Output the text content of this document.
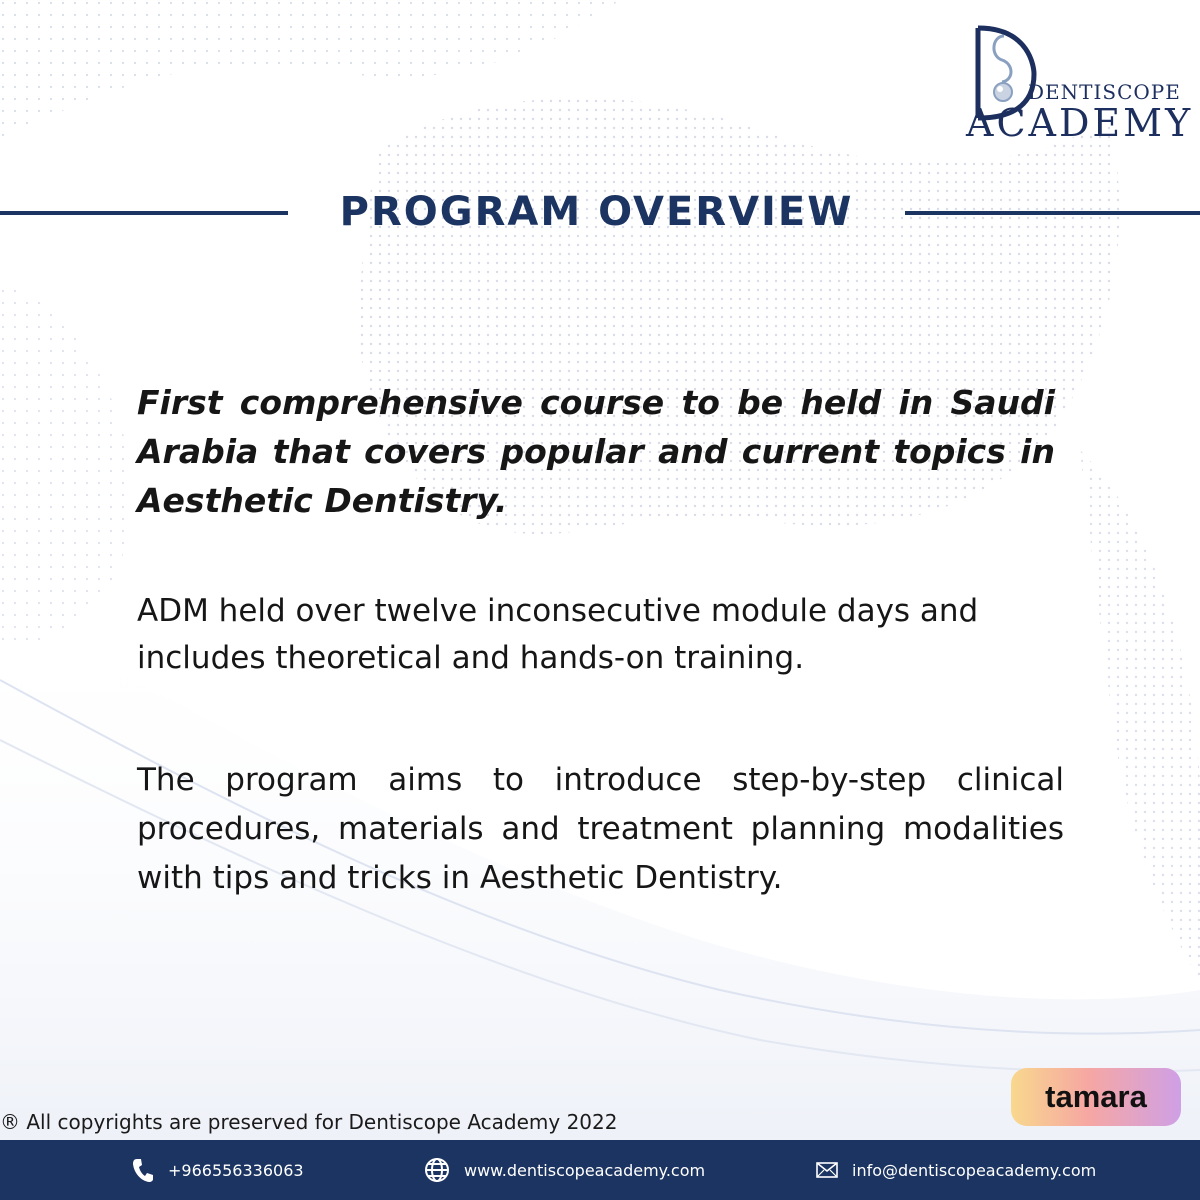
DENTISCOPE
ACADEMY
PROGRAM OVERVIEW
First comprehensive course to be held in Saudi Arabia that covers popular and current topics in Aesthetic Dentistry.
ADM held over twelve inconsecutive module days and includes theoretical and hands-on training.
The program aims to introduce step-by-step clinical procedures, materials and treatment planning modalities with tips and tricks in Aesthetic Dentistry.
tamara
® All copyrights are preserved for Dentiscope Academy 2022
+966556336063	www.dentiscopeacademy.com	info@dentiscopeacademy.com
